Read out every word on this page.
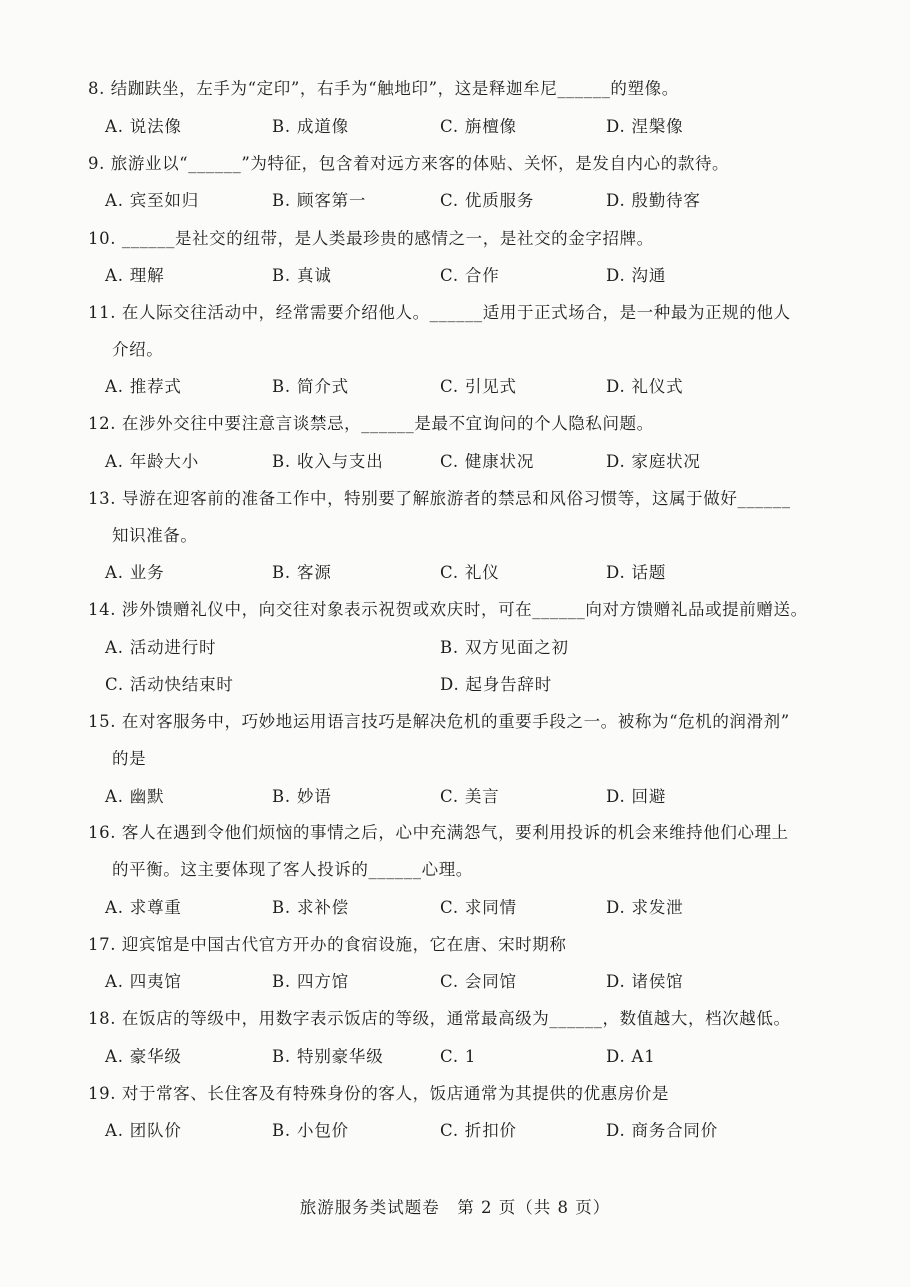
8. 结跏趺坐，左手为“定印”，右手为“触地印”，这是释迦牟尼______的塑像。
A. 说法像	B. 成道像	C. 旃檀像	D. 涅槃像
9. 旅游业以“______”为特征，包含着对远方来客的体贴、关怀，是发自内心的款待。
A. 宾至如归	B. 顾客第一	C. 优质服务	D. 殷勤待客
10. ______是社交的纽带，是人类最珍贵的感情之一，是社交的金字招牌。
A. 理解	B. 真诚	C. 合作	D. 沟通
11. 在人际交往活动中，经常需要介绍他人。______适用于正式场合，是一种最为正规的他人
介绍。
A. 推荐式	B. 简介式	C. 引见式	D. 礼仪式
12. 在涉外交往中要注意言谈禁忌，______是最不宜询问的个人隐私问题。
A. 年龄大小	B. 收入与支出	C. 健康状况	D. 家庭状况
13. 导游在迎客前的准备工作中，特别要了解旅游者的禁忌和风俗习惯等，这属于做好______
知识准备。
A. 业务	B. 客源	C. 礼仪	D. 话题
14. 涉外馈赠礼仪中，向交往对象表示祝贺或欢庆时，可在______向对方馈赠礼品或提前赠送。
A. 活动进行时	B. 双方见面之初
C. 活动快结束时	D. 起身告辞时
15. 在对客服务中，巧妙地运用语言技巧是解决危机的重要手段之一。被称为“危机的润滑剂”
的是
A. 幽默	B. 妙语	C. 美言	D. 回避
16. 客人在遇到令他们烦恼的事情之后，心中充满怨气，要利用投诉的机会来维持他们心理上
的平衡。这主要体现了客人投诉的______心理。
A. 求尊重	B. 求补偿	C. 求同情	D. 求发泄
17. 迎宾馆是中国古代官方开办的食宿设施，它在唐、宋时期称
A. 四夷馆	B. 四方馆	C. 会同馆	D. 诸侯馆
18. 在饭店的等级中，用数字表示饭店的等级，通常最高级为______，数值越大，档次越低。
A. 豪华级	B. 特别豪华级	C. 1	D. A1
19. 对于常客、长住客及有特殊身份的客人，饭店通常为其提供的优惠房价是
A. 团队价	B. 小包价	C. 折扣价	D. 商务合同价
旅游服务类试题卷　第 2 页（共 8 页）
